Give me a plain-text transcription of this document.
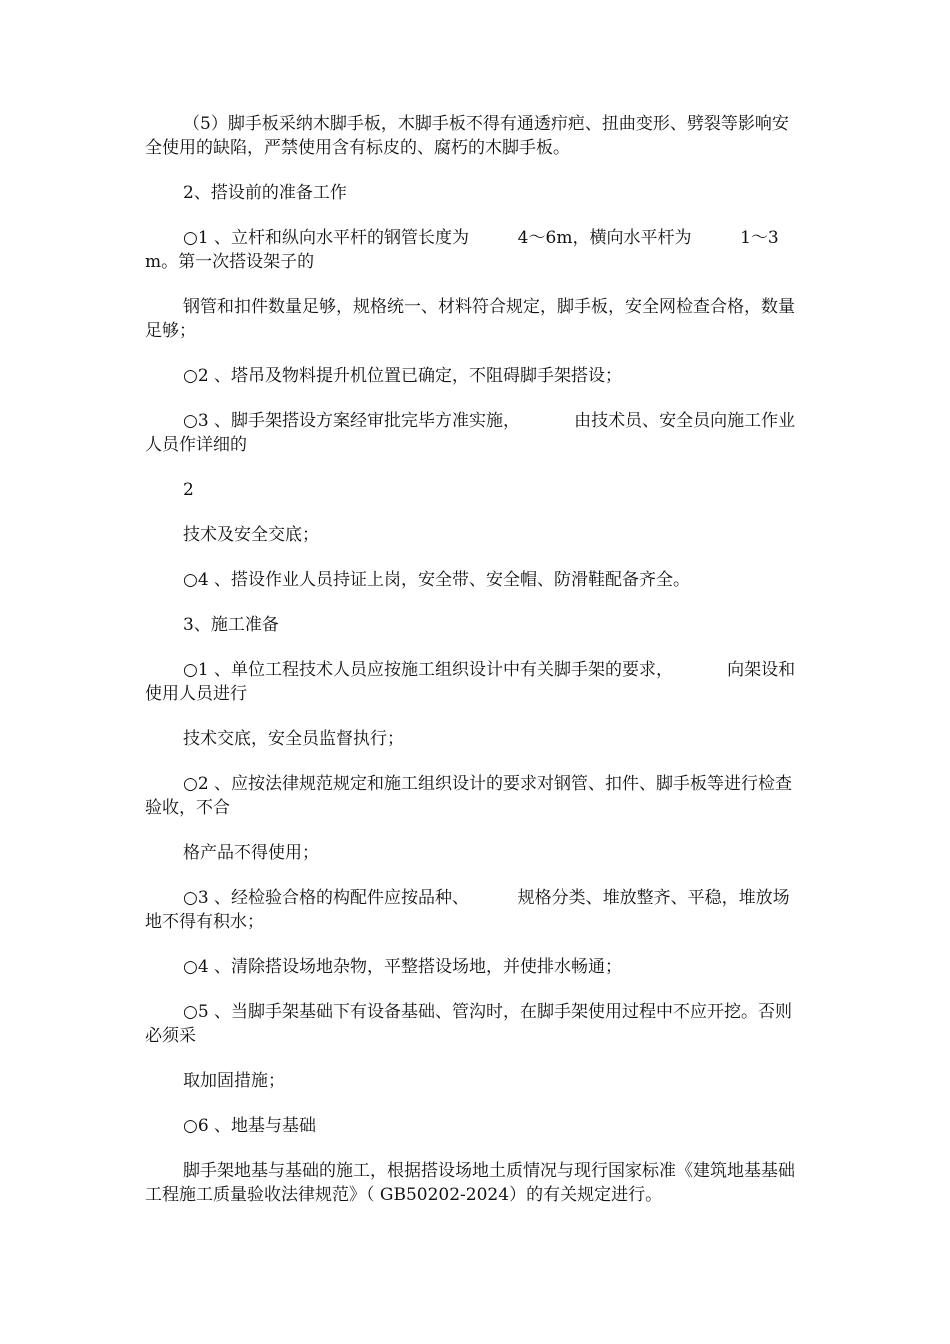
（5）脚手板采纳木脚手板，木脚手板不得有通透疖疤、扭曲变形、劈裂等影响安全使用的缺陷，严禁使用含有标皮的、腐朽的木脚手板。

2、搭设前的准备工作

○1 、立杆和纵向水平杆的钢管长度为         4～6m，横向水平杆为         1～3m。第一次搭设架子的

钢管和扣件数量足够，规格统一、材料符合规定，脚手板，安全网检查合格，数量足够；

○2 、塔吊及物料提升机位置已确定，不阻碍脚手架搭设；

○3 、脚手架搭设方案经审批完毕方准实施，          由技术员、安全员向施工作业人员作详细的

2

技术及安全交底；

○4 、搭设作业人员持证上岗，安全带、安全帽、防滑鞋配备齐全。

3、施工准备

○1 、单位工程技术人员应按施工组织设计中有关脚手架的要求，          向架设和使用人员进行

技术交底，安全员监督执行；

○2 、应按法律规范规定和施工组织设计的要求对钢管、扣件、脚手板等进行检查验收，不合

格产品不得使用；

○3 、经检验合格的构配件应按品种、         规格分类、堆放整齐、平稳，堆放场地不得有积水；

○4 、清除搭设场地杂物，平整搭设场地，并使排水畅通；

○5 、当脚手架基础下有设备基础、管沟时，在脚手架使用过程中不应开挖。否则必须采

取加固措施；

○6 、地基与基础

脚手架地基与基础的施工，根据搭设场地土质情况与现行国家标准《建筑地基基础工程施工质量验收法律规范》（ GB50202-2024）的有关规定进行。
